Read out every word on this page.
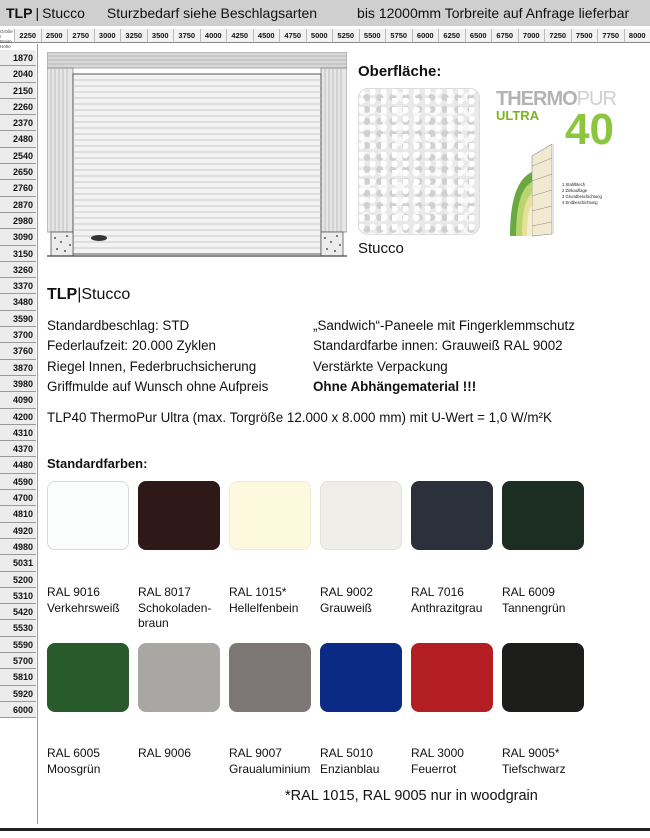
TLP | Stucco Sturzbedarf siehe Beschlagsarten	bis 12000mm Torbreite auf Anfrage lieferbar
Größe / Breite Höhe
2250	2500	2750	3000	3250	3500	3750	4000	4250	4500	4750	5000	5250	5500	5750	6000	6250	6500	6750	7000	7250	7500	7750	8000
1870
2040
2150
2260
2370
2480
2540
2650
2760
2870
2980
3090
3150
3260
3370
3480
3590
3700
3760
3870
3980
4090
4200
4310
4370
4480
4590
4700
4810
4920
4980
5031
5200
5310
5420
5530
5590
5700
5810
5920
6000
Oberfläche:
Stucco
THERMOPUR
ULTRA 40
1 Stahlblech
2 Zinkauflage
3 Grundbeschichtung
4 Endbeschichtung
TLP|Stucco
Standardbeschlag: STD
Federlaufzeit: 20.000 Zyklen
Riegel Innen, Federbruchsicherung
Griffmulde auf Wunsch ohne Aufpreis
„Sandwich“-Paneele mit Fingerklemmschutz
Standardfarbe innen: Grauweiß RAL 9002
Verstärkte Verpackung
Ohne Abhängematerial !!!
TLP40 ThermoPur Ultra (max. Torgröße 12.000 x 8.000 mm) mit U-Wert = 1,0 W/m²K
Standardfarben:
RAL 9016
Verkehrsweiß
RAL 8017
Schokoladen-
braun
RAL 1015*
Hellelfenbein
RAL 9002
Grauweiß
RAL 7016
Anthrazitgrau
RAL 6009
Tannengrün
RAL 6005
Moosgrün
RAL 9006	RAL 9007
Graualuminium
RAL 5010
Enzianblau
RAL 3000
Feuerrot
RAL 9005*
Tiefschwarz
*RAL 1015, RAL 9005 nur in woodgrain
